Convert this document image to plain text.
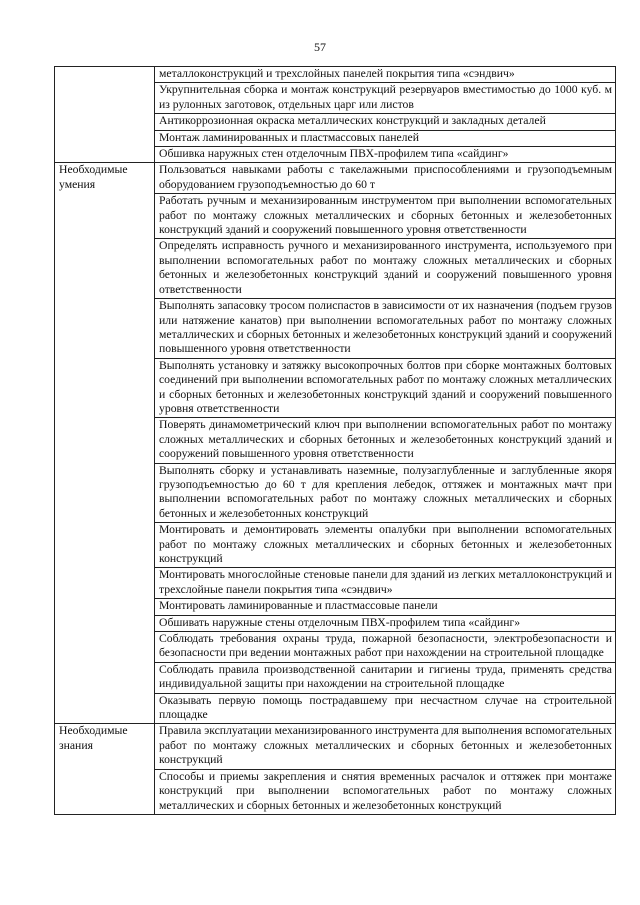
57
	металлоконструкций и трехслойных панелей покрытия типа «сэндвич»
	Укрупнительная сборка и монтаж конструкций резервуаров вместимостью до 1000 куб. м из рулонных заготовок, отдельных царг или листов
	Антикоррозионная окраска металлических конструкций и закладных деталей
	Монтаж ламинированных и пластмассовых панелей
	Обшивка наружных стен отделочным ПВХ-профилем типа «сайдинг»
Необходимые умения	Пользоваться навыками работы с такелажными приспособлениями и грузоподъемным оборудованием грузоподъемностью до 60 т
	Работать ручным и механизированным инструментом при выполнении вспомогательных работ по монтажу сложных металлических и сборных бетонных и железобетонных конструкций зданий и сооружений повышенного уровня ответственности
	Определять исправность ручного и механизированного инструмента, используемого при выполнении вспомогательных работ по монтажу сложных металлических и сборных бетонных и железобетонных конструкций зданий и сооружений повышенного уровня ответственности
	Выполнять запасовку тросом полиспастов в зависимости от их назначения (подъем грузов или натяжение канатов) при выполнении вспомогательных работ по монтажу сложных металлических и сборных бетонных и железобетонных конструкций зданий и сооружений повышенного уровня ответственности
	Выполнять установку и затяжку высокопрочных болтов при сборке монтажных болтовых соединений при выполнении вспомогательных работ по монтажу сложных металлических и сборных бетонных и железобетонных конструкций зданий и сооружений повышенного уровня ответственности
	Поверять динамометрический ключ при выполнении вспомогательных работ по монтажу сложных металлических и сборных бетонных и железобетонных конструкций зданий и сооружений повышенного уровня ответственности
	Выполнять сборку и устанавливать наземные, полузаглубленные и заглубленные якоря грузоподъемностью до 60 т для крепления лебедок, оттяжек и монтажных мачт при выполнении вспомогательных работ по монтажу сложных металлических и сборных бетонных и железобетонных конструкций
	Монтировать и демонтировать элементы опалубки при выполнении вспомогательных работ по монтажу сложных металлических и сборных бетонных и железобетонных конструкций
	Монтировать многослойные стеновые панели для зданий из легких металлоконструкций и трехслойные панели покрытия типа «сэндвич»
	Монтировать ламинированные и пластмассовые панели
	Обшивать наружные стены отделочным ПВХ-профилем типа «сайдинг»
	Соблюдать требования охраны труда, пожарной безопасности, электробезопасности и безопасности при ведении монтажных работ при нахождении на строительной площадке
	Соблюдать правила производственной санитарии и гигиены труда, применять средства индивидуальной защиты при нахождении на строительной площадке
	Оказывать первую помощь пострадавшему при несчастном случае на строительной площадке
Необходимые знания	Правила эксплуатации механизированного инструмента для выполнения вспомогательных работ по монтажу сложных металлических и сборных бетонных и железобетонных конструкций
	Способы и приемы закрепления и снятия временных расчалок и оттяжек при монтаже конструкций при выполнении вспомогательных работ по монтажу сложных металлических и сборных бетонных и железобетонных конструкций
